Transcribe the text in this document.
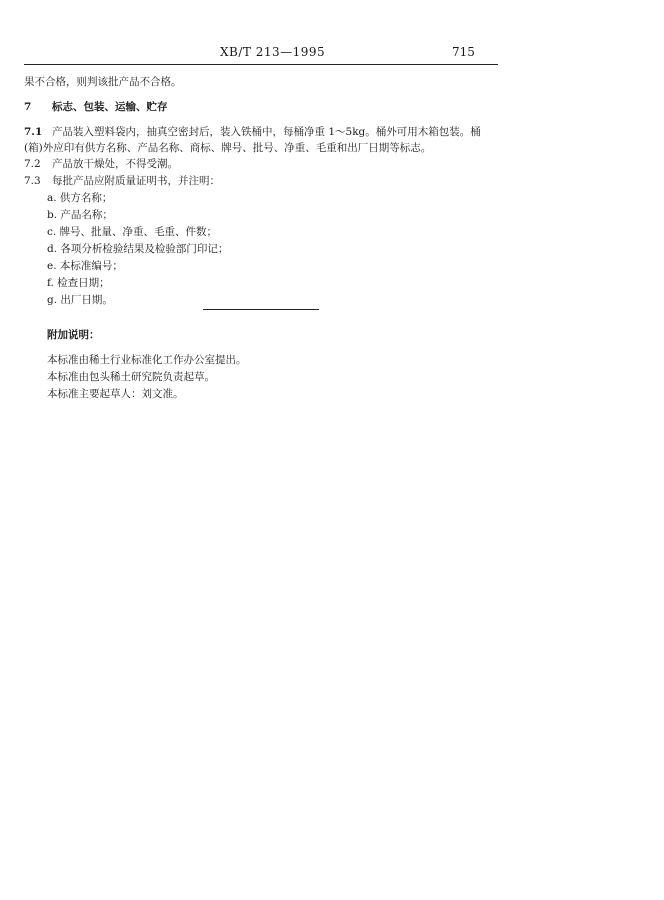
XB/T 213—1995	715
果不合格，则判该批产品不合格。
7 标志、包装、运输、贮存
7.1 产品装入塑料袋内，抽真空密封后，装入铁桶中，每桶净重 1～5kg。桶外可用木箱包装。桶
(箱)外应印有供方名称、产品名称、商标、牌号、批号、净重、毛重和出厂日期等标志。
7.2 产品放干燥处，不得受潮。
7.3 每批产品应附质量证明书，并注明：
a. 供方名称；
b. 产品名称；
c. 牌号、批量、净重、毛重、件数；
d. 各项分析检验结果及检验部门印记；
e. 本标准编号；
f. 检查日期；
g. 出厂日期。
附加说明：
本标准由稀土行业标准化工作办公室提出。
本标准由包头稀土研究院负责起草。
本标准主要起草人：刘文准。
